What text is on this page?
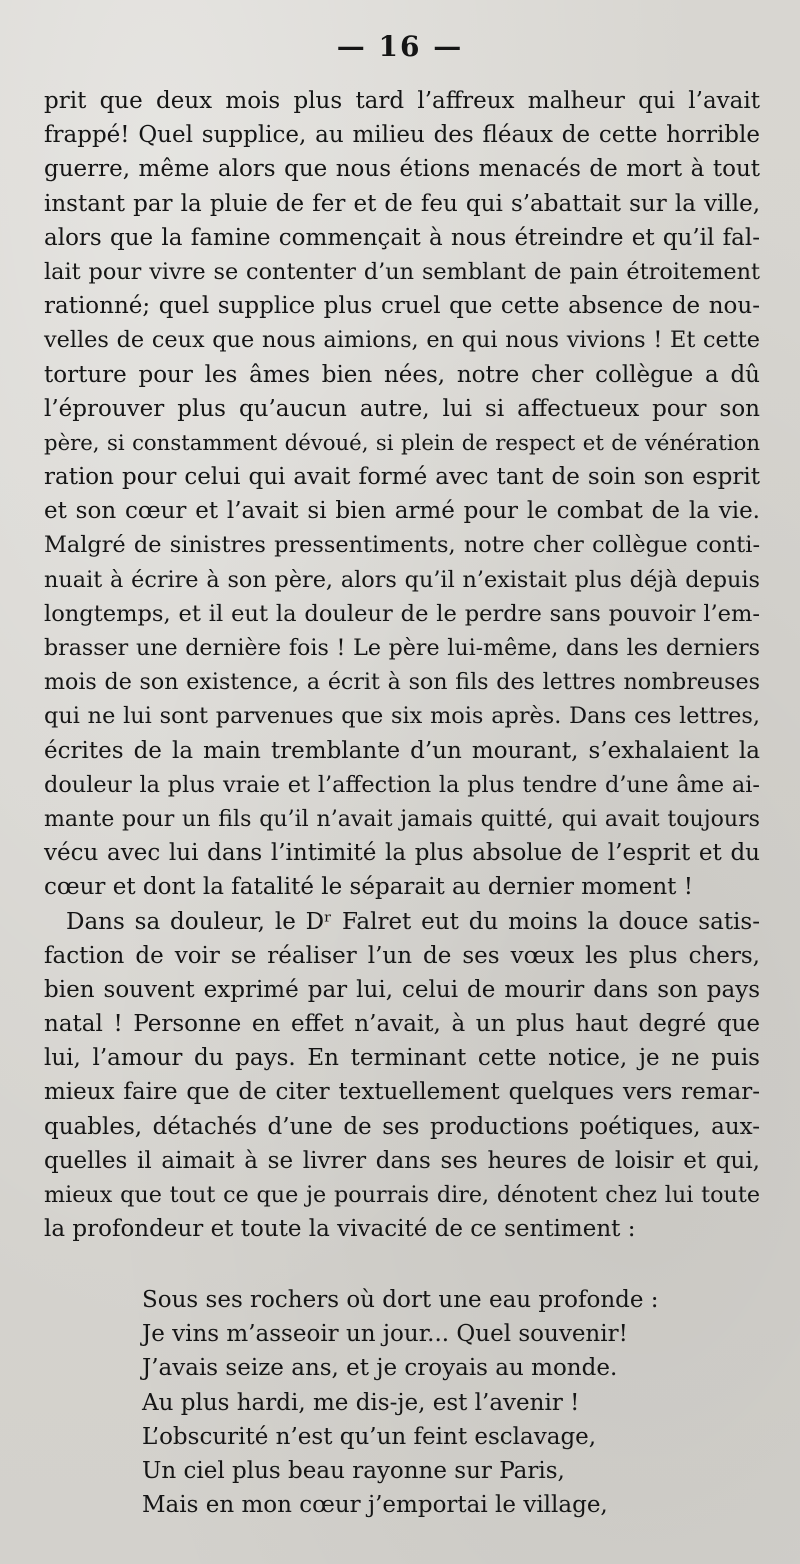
— 16 —
prit que deux mois plus tard l’affreux malheur qui l’avait
frappé! Quel supplice, au milieu des fléaux de cette horrible
guerre, même alors que nous étions menacés de mort à tout
instant par la pluie de fer et de feu qui s’abattait sur la ville,
alors que la famine commençait à nous étreindre et qu’il fal-
lait pour vivre se contenter d’un semblant de pain étroitement
rationné; quel supplice plus cruel que cette absence de nou-
velles de ceux que nous aimions, en qui nous vivions ! Et cette
torture pour les âmes bien nées, notre cher collègue a dû
l’éprouver plus qu’aucun autre, lui si affectueux pour son
père, si constamment dévoué, si plein de respect et de vénération
ration pour celui qui avait formé avec tant de soin son esprit
et son cœur et l’avait si bien armé pour le combat de la vie.
Malgré de sinistres pressentiments, notre cher collègue conti-
nuait à écrire à son père, alors qu’il n’existait plus déjà depuis
longtemps, et il eut la douleur de le perdre sans pouvoir l’em-
brasser une dernière fois ! Le père lui-même, dans les derniers
mois de son existence, a écrit à son fils des lettres nombreuses
qui ne lui sont parvenues que six mois après. Dans ces lettres,
écrites de la main tremblante d’un mourant, s’exhalaient la
douleur la plus vraie et l’affection la plus tendre d’une âme ai-
mante pour un fils qu’il n’avait jamais quitté, qui avait toujours
vécu avec lui dans l’intimité la plus absolue de l’esprit et du
cœur et dont la fatalité le séparait au dernier moment !
Dans sa douleur, le Dʳ Falret eut du moins la douce satis-
faction de voir se réaliser l’un de ses vœux les plus chers,
bien souvent exprimé par lui, celui de mourir dans son pays
natal ! Personne en effet n’avait, à un plus haut degré que
lui, l’amour du pays. En terminant cette notice, je ne puis
mieux faire que de citer textuellement quelques vers remar-
quables, détachés d’une de ses productions poétiques, aux-
quelles il aimait à se livrer dans ses heures de loisir et qui,
mieux que tout ce que je pourrais dire, dénotent chez lui toute
la profondeur et toute la vivacité de ce sentiment :
Sous ses rochers où dort une eau profonde :
Je vins m’asseoir un jour... Quel souvenir!
J’avais seize ans, et je croyais au monde.
Au plus hardi, me dis-je, est l’avenir !
L’obscurité n’est qu’un feint esclavage,
Un ciel plus beau rayonne sur Paris,
Mais en mon cœur j’emportai le village,
